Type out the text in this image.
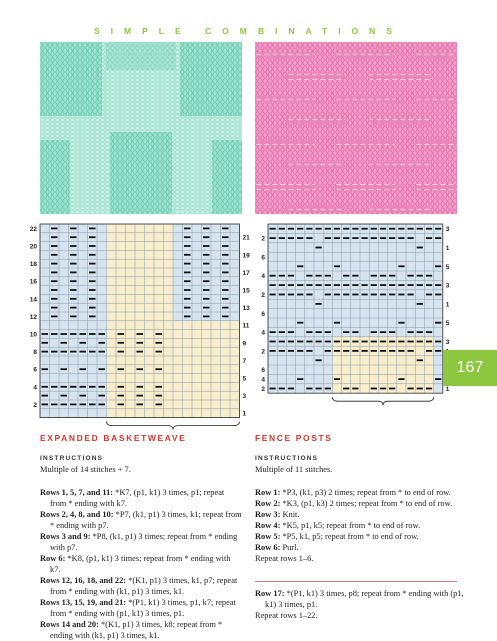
SIMPLE COMBINATIONS
22
20
18
16
14
12
10
8
6
4
2
21
19
17
15
13
11
9
7
5
3
1
2
6
4
2
6
4
2
6
4
2
3
1
5
3
1
5
3
1
167
EXPANDED BASKETWEAVE
INSTRUCTIONS
Multiple of 14 stitches + 7.

Rows 1, 5, 7, and 11: *K7, (p1, k1) 3 times, p1; repeat from * ending with k7.

Rows 2, 4, 8, and 10: *P7, (k1, p1) 3 times, k1; repeat from * ending with p7.

Rows 3 and 9: *P8, (k1, p1) 3 times; repeat from * ending with p7.

Row 6: *K8, (p1, k1) 3 times; repeat from * ending with k7.

Rows 12, 16, 18, and 22: *(K1, p1) 3 times, k1, p7; repeat from * ending with (k1, p1) 3 times, k1.

Rows 13, 15, 19, and 21: *(P1, k1) 3 times, p1, k7; repeat from * ending with (p1, k1) 3 times, p1.

Rows 14 and 20: *(K1, p1) 3 times, k8; repeat from * ending with (k1, p1) 3 times, k1.

FENCE POSTS
INSTRUCTIONS
Multiple of 11 stitches.

Row 1: *P3, (k1, p3) 2 times; repeat from * to end of row.

Row 2: *K3, (p1, k3) 2 times; repeat from * to end of row.

Row 3: Knit.

Row 4: *K5, p1, k5; repeat from * to end of row.

Row 5: *P5, k1, p5; repeat from * to end of row.

Row 6: Purl.

Repeat rows 1–6.

Row 17: *(P1, k1) 3 times, p8; repeat from * ending with (p1, k1) 3 times, p1.

Repeat rows 1–22.
